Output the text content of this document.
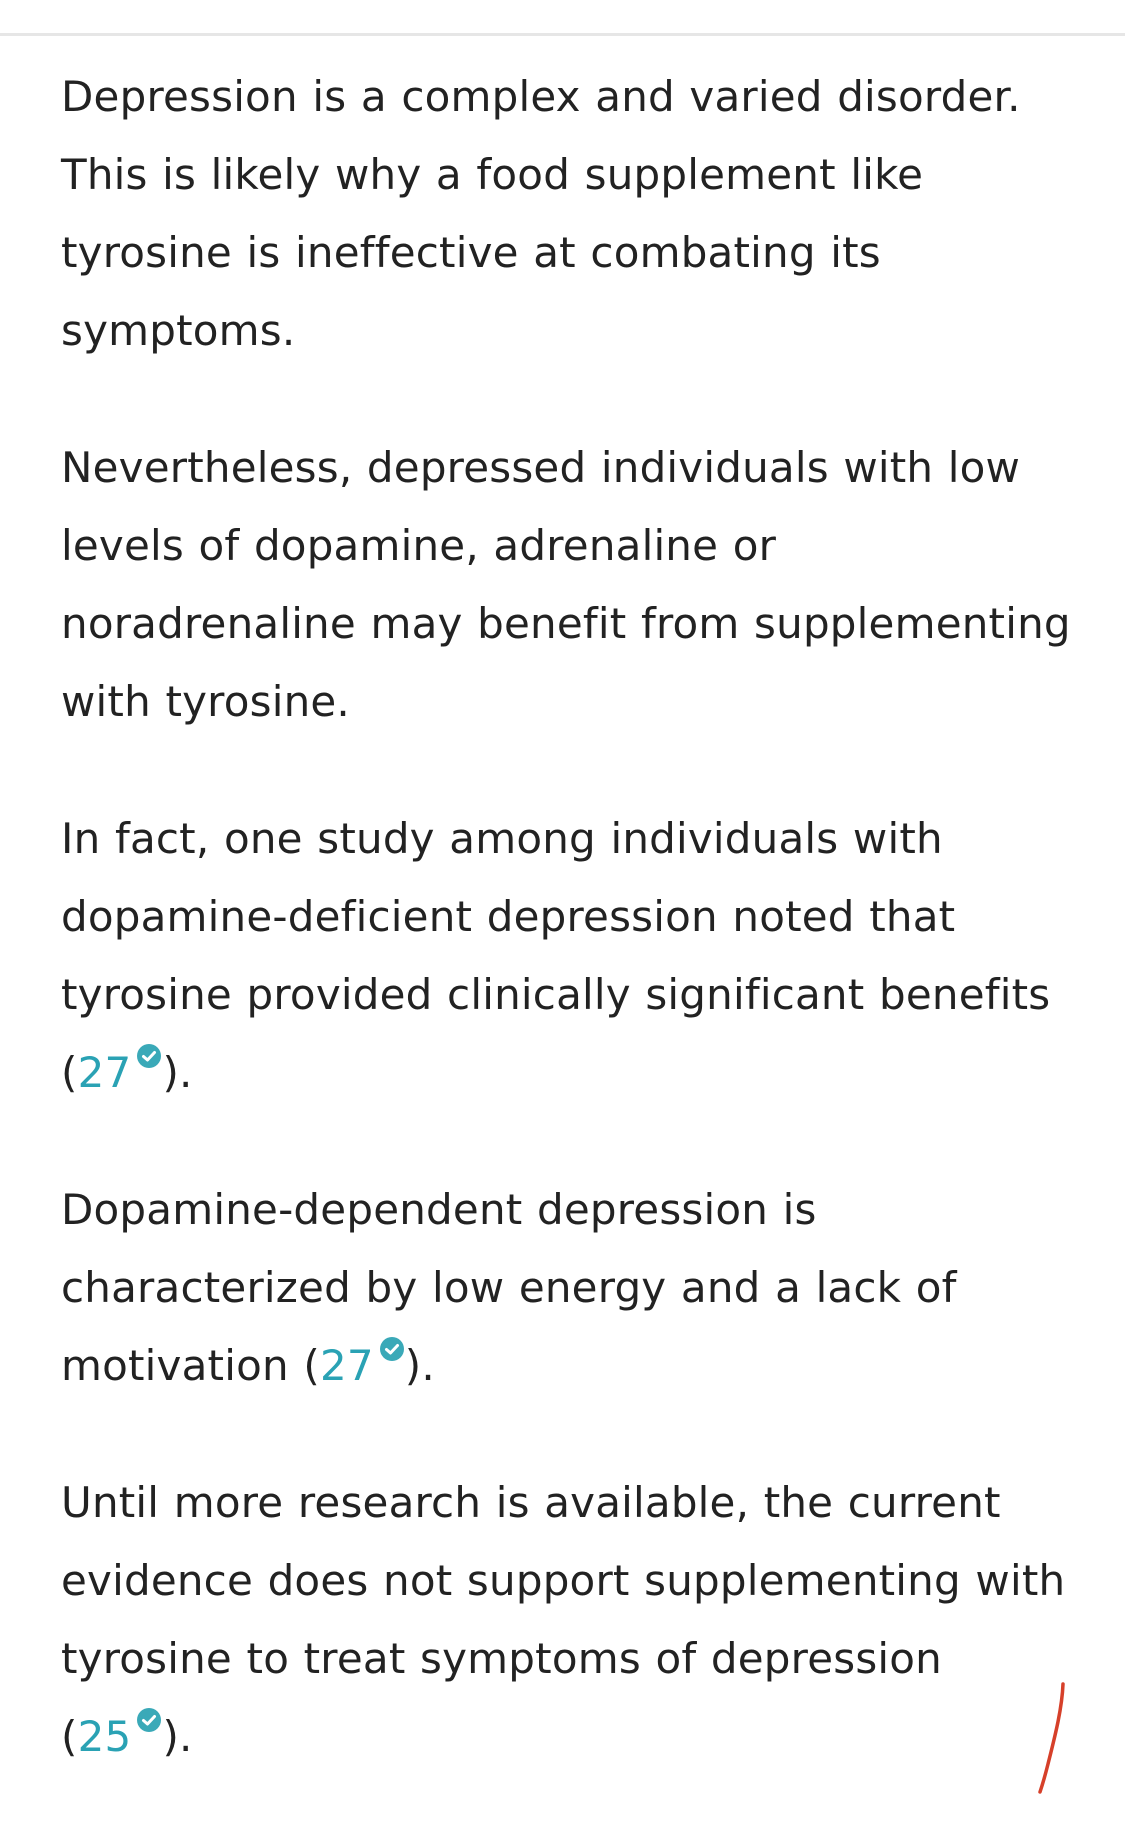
Depression is a complex and varied disorder. This is likely why a food supplement like tyrosine is ineffective at combating its symptoms.

Nevertheless, depressed individuals with low levels of dopamine, adrenaline or noradrenaline may benefit from supplementing with tyrosine.

In fact, one study among individuals with dopamine-deficient depression noted that tyrosine provided clinically significant benefits (27 ).

Dopamine-dependent depression is characterized by low energy and a lack of motivation (27 ).

Until more research is available, the current evidence does not support supplementing with tyrosine to treat symptoms of depression (25 ).
